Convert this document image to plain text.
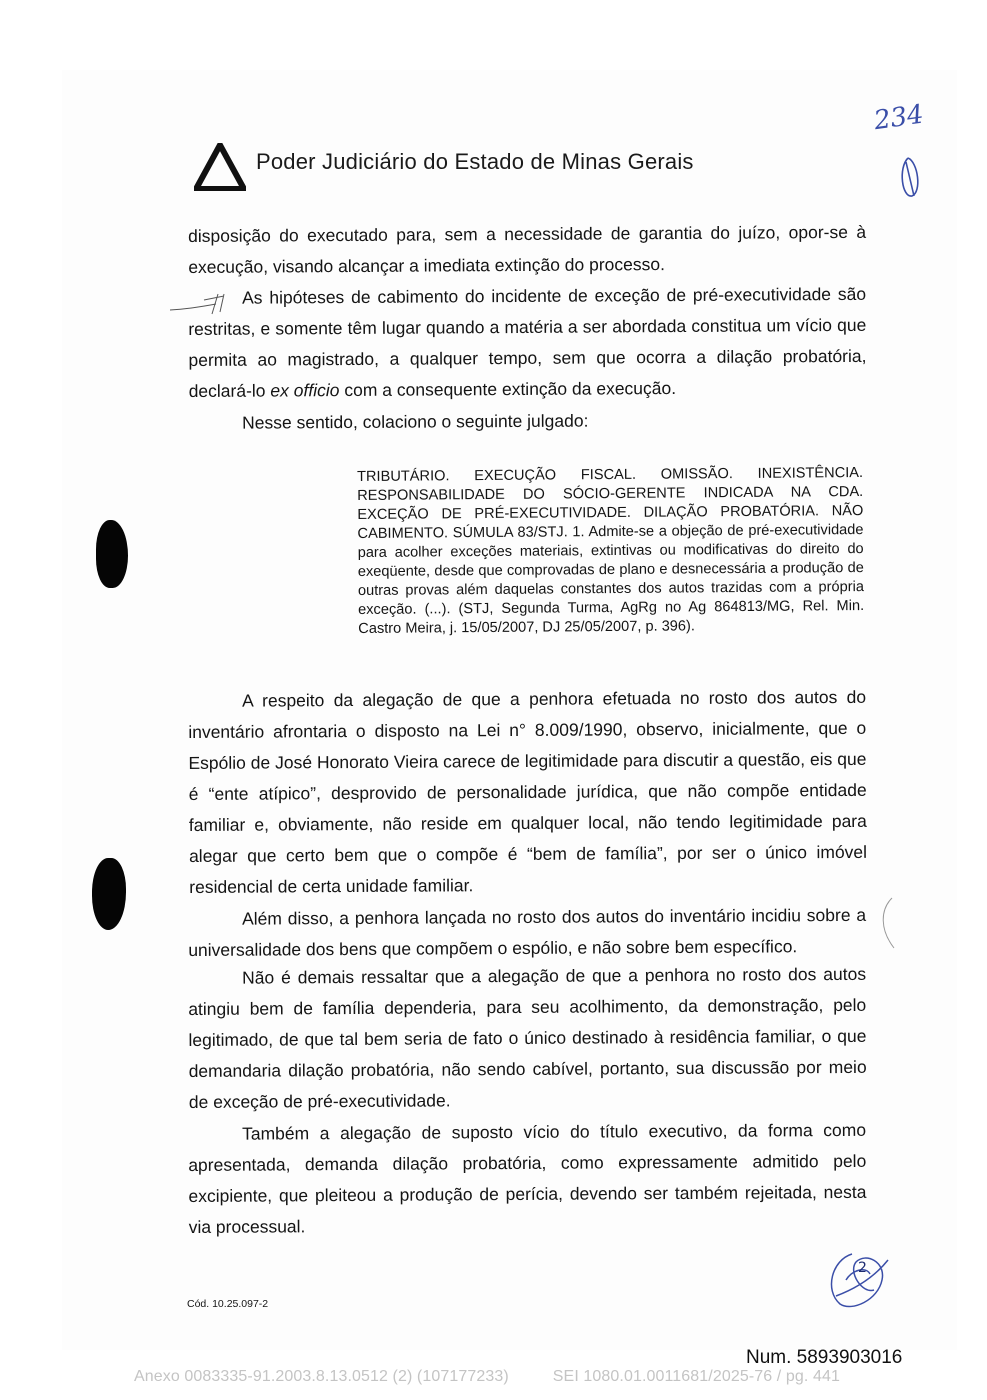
Poder Judiciário do Estado de Minas Gerais
234
disposição do executado para, sem a necessidade de garantia do juízo, opor-se à execução, visando alcançar a imediata extinção do processo.
As hipóteses de cabimento do incidente de exceção de pré-executividade são restritas, e somente têm lugar quando a matéria a ser abordada constitua um vício que permita ao magistrado, a qualquer tempo, sem que ocorra a dilação probatória, declará-lo ex officio com a consequente extinção da execução.
Nesse sentido, colaciono o seguinte julgado:
TRIBUTÁRIO. EXECUÇÃO FISCAL. OMISSÃO. INEXISTÊNCIA.
RESPONSABILIDADE DO SÓCIO-GERENTE INDICADA NA CDA. EXCEÇÃO DE PRÉ-EXECUTIVIDADE. DILAÇÃO PROBATÓRIA. NÃO CABIMENTO. SÚMULA 83/STJ. 1. Admite-se a objeção de pré-executividade para acolher exceções materiais, extintivas ou modificativas do direito do exeqüente, desde que comprovadas de plano e desnecessária a produção de outras provas além daquelas constantes dos autos trazidas com a própria exceção. (...). (STJ, Segunda Turma, AgRg no Ag 864813/MG, Rel. Min. Castro Meira, j. 15/05/2007, DJ 25/05/2007, p. 396).
A respeito da alegação de que a penhora efetuada no rosto dos autos do inventário afrontaria o disposto na Lei n° 8.009/1990, observo, inicialmente, que o Espólio de José Honorato Vieira carece de legitimidade para discutir a questão, eis que é “ente atípico”, desprovido de personalidade jurídica, que não compõe entidade familiar e, obviamente, não reside em qualquer local, não tendo legitimidade para alegar que certo bem que o compõe é “bem de família”, por ser o único imóvel residencial de certa unidade familiar.
Além disso, a penhora lançada no rosto dos autos do inventário incidiu sobre a universalidade dos bens que compõem o espólio, e não sobre bem específico.
Não é demais ressaltar que a alegação de que a penhora no rosto dos autos atingiu bem de família dependeria, para seu acolhimento, da demonstração, pelo legitimado, de que tal bem seria de fato o único destinado à residência familiar, o que demandaria dilação probatória, não sendo cabível, portanto, sua discussão por meio de exceção de pré-executividade.
Também a alegação de suposto vício do título executivo, da forma como apresentada, demanda dilação probatória, como expressamente admitido pelo excipiente, que pleiteou a produção de perícia, devendo ser também rejeitada, nesta via processual.
2
Cód. 10.25.097-2
Num. 5893903016
Anexo 0083335-91.2003.8.13.0512 (2) (107177233)	SEI 1080.01.0011681/2025-76 / pg. 441
